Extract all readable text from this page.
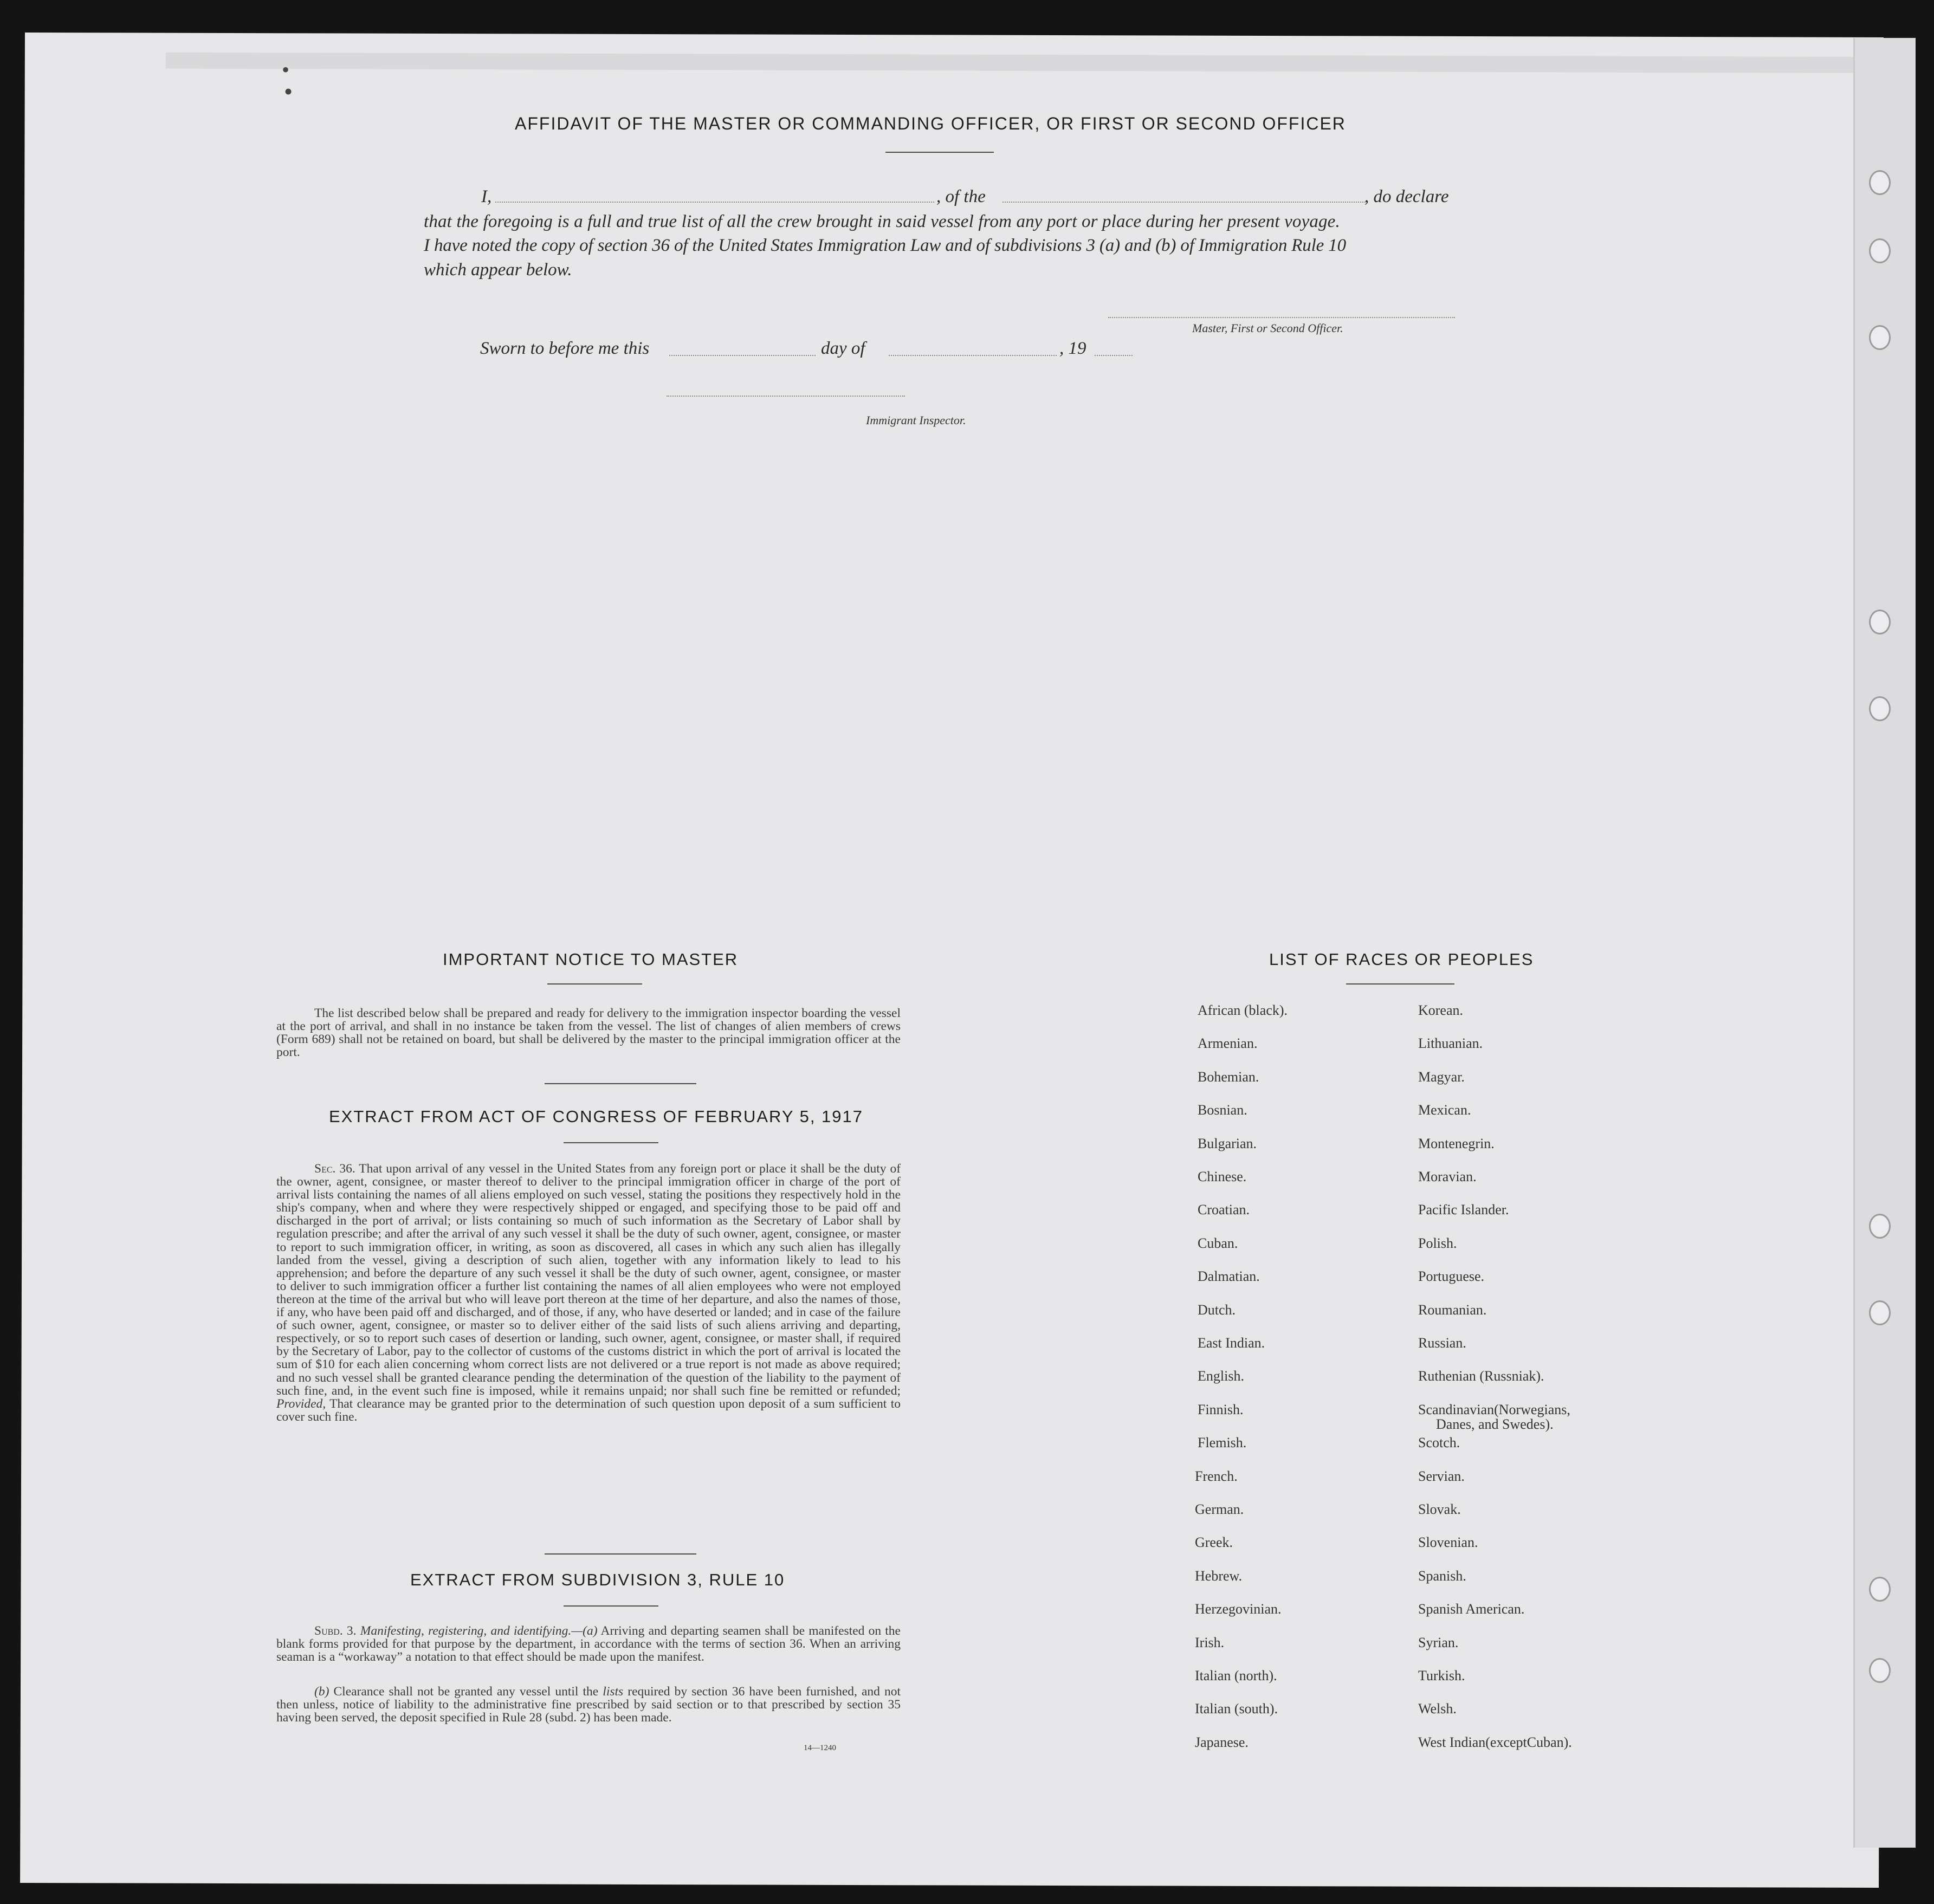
•
•
AFFIDAVIT OF THE MASTER OR COMMANDING OFFICER, OR FIRST OR SECOND OFFICER
I,	, of the	, do declare
that the foregoing is a full and true list of all the crew brought in said vessel from any port or place during her present voyage.
I have noted the copy of section 36 of the United States Immigration Law and of subdivisions 3 (a) and (b) of Immigration Rule 10
which appear below.
Master, First or Second Officer.
Sworn to before me this	day of	, 19
Immigrant Inspector.
IMPORTANT NOTICE TO MASTER
The list described below shall be prepared and ready for delivery to the immigration inspector boarding the vessel at the port of arrival, and shall in no instance be taken from the vessel. The list of changes of alien members of crews (Form 689) shall not be retained on board, but shall be delivered by the master to the principal immigration officer at the port.
EXTRACT FROM ACT OF CONGRESS OF FEBRUARY 5, 1917
Sec. 36. That upon arrival of any vessel in the United States from any foreign port or place it shall be the duty of the owner, agent, consignee, or master thereof to deliver to the principal immigration officer in charge of the port of arrival lists containing the names of all aliens employed on such vessel, stating the positions they respectively hold in the ship's company, when and where they were respectively shipped or engaged, and specifying those to be paid off and discharged in the port of arrival; or lists containing so much of such information as the Secretary of Labor shall by regulation prescribe; and after the arrival of any such vessel it shall be the duty of such owner, agent, consignee, or master to report to such immigration officer, in writing, as soon as discovered, all cases in which any such alien has illegally landed from the vessel, giving a description of such alien, together with any information likely to lead to his apprehension; and before the departure of any such vessel it shall be the duty of such owner, agent, consignee, or master to deliver to such immigration officer a further list containing the names of all alien employees who were not employed thereon at the time of the arrival but who will leave port thereon at the time of her departure, and also the names of those, if any, who have been paid off and discharged, and of those, if any, who have deserted or landed; and in case of the failure of such owner, agent, consignee, or master so to deliver either of the said lists of such aliens arriving and departing, respectively, or so to report such cases of desertion or landing, such owner, agent, consignee, or master shall, if required by the Secretary of Labor, pay to the collector of customs of the customs district in which the port of arrival is located the sum of $10 for each alien concerning whom correct lists are not delivered or a true report is not made as above required; and no such vessel shall be granted clearance pending the determination of the question of the liability to the payment of such fine, and, in the event such fine is imposed, while it remains unpaid; nor shall such fine be remitted or refunded; Provided, That clearance may be granted prior to the determination of such question upon deposit of a sum sufficient to cover such fine.
EXTRACT FROM SUBDIVISION 3, RULE 10
Subd. 3. Manifesting, registering, and identifying.—(a) Arriving and departing seamen shall be manifested on the blank forms provided for that purpose by the department, in accordance with the terms of section 36. When an arriving seaman is a “workaway” a notation to that effect should be made upon the manifest.
(b) Clearance shall not be granted any vessel until the lists required by section 36 have been furnished, and not then unless, notice of liability to the administrative fine prescribed by said section or to that prescribed by section 35 having been served, the deposit specified in Rule 28 (subd. 2) has been made.
14—1240
LIST OF RACES OR PEOPLES
African (black).
Armenian.
Bohemian.
Bosnian.
Bulgarian.
Chinese.
Croatian.
Cuban.
Dalmatian.
Dutch.
East Indian.
English.
Finnish.
Flemish.
French.
German.
Greek.
Hebrew.
Herzegovinian.
Irish.
Italian (north).
Italian (south).
Japanese.
Korean.
Lithuanian.
Magyar.
Mexican.
Montenegrin.
Moravian.
Pacific Islander.
Polish.
Portuguese.
Roumanian.
Russian.
Ruthenian (Russniak).
Scandinavian(Norwegians,
Danes, and Swedes).
Scotch.
Servian.
Slovak.
Slovenian.
Spanish.
Spanish American.
Syrian.
Turkish.
Welsh.
West Indian(exceptCuban).
